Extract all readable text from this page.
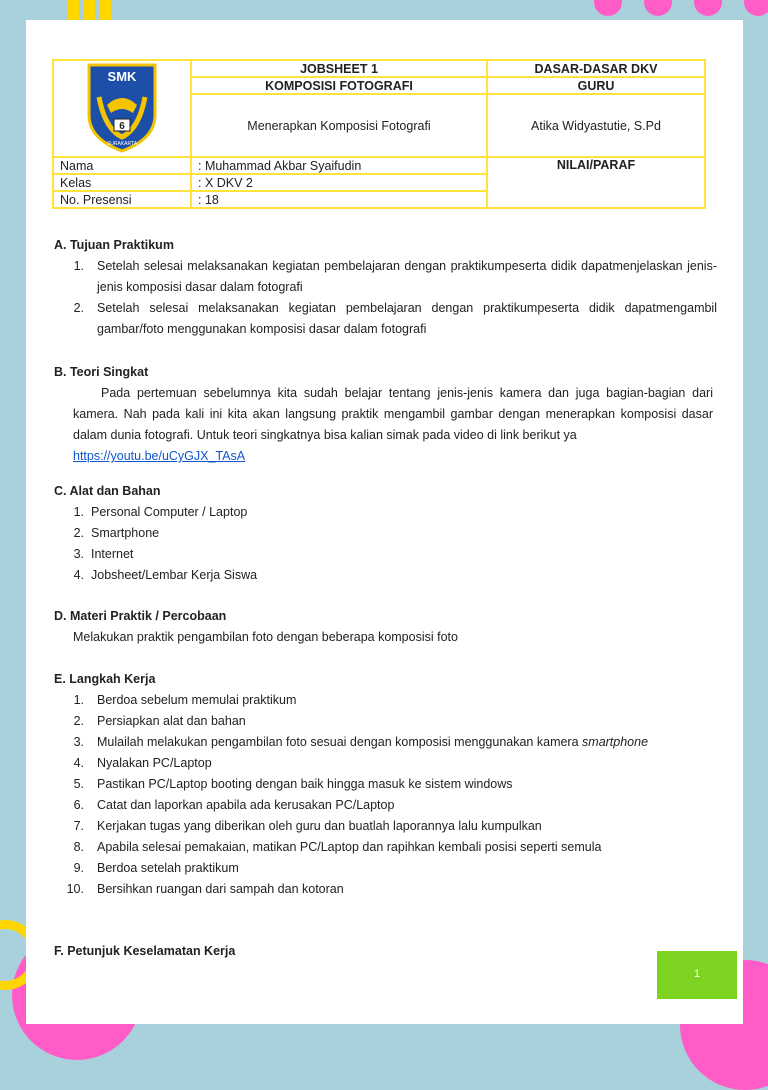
SMK
6
SURAKARTA	JOBSHEET 1	DASAR-DASAR DKV
	KOMPOSISI FOTOGRAFI	GURU
	Menerapkan Komposisi Fotografi	Atika Widyastutie, S.Pd
Nama	: Muhammad Akbar Syaifudin	NILAI/PARAF
Kelas	: X DKV 2	
No. Presensi	: 18	
A. Tujuan Praktikum
1. Setelah selesai melaksanakan kegiatan pembelajaran dengan praktikumpeserta didik dapatmenjelaskan jenis-jenis komposisi dasar dalam fotografi
2. Setelah selesai melaksanakan kegiatan pembelajaran dengan praktikumpeserta didik dapatmengambil gambar/foto menggunakan komposisi dasar dalam fotografi
B. Teori Singkat
Pada pertemuan sebelumnya kita sudah belajar tentang jenis-jenis kamera dan juga bagian-bagian dari kamera. Nah pada kali ini kita akan langsung praktik mengambil gambar dengan menerapkan komposisi dasar dalam dunia fotografi. Untuk teori singkatnya bisa kalian simak pada video di link berikut ya
https://youtu.be/uCyGJX_TAsA
C. Alat dan Bahan
1. Personal Computer / Laptop
2. Smartphone
3. Internet
4. Jobsheet/Lembar Kerja Siswa
D. Materi Praktik / Percobaan
Melakukan praktik pengambilan foto dengan beberapa komposisi foto
E. Langkah Kerja
1. Berdoa sebelum memulai praktikum
2. Persiapkan alat dan bahan
3. Mulailah melakukan pengambilan foto sesuai dengan komposisi menggunakan kamera smartphone
4. Nyalakan PC/Laptop
5. Pastikan PC/Laptop booting dengan baik hingga masuk ke sistem windows
6. Catat dan laporkan apabila ada kerusakan PC/Laptop
7. Kerjakan tugas yang diberikan oleh guru dan buatlah laporannya lalu kumpulkan
8. Apabila selesai pemakaian, matikan PC/Laptop dan rapihkan kembali posisi seperti semula
9. Berdoa setelah praktikum
10. Bersihkan ruangan dari sampah dan kotoran
F. Petunjuk Keselamatan Kerja
1
